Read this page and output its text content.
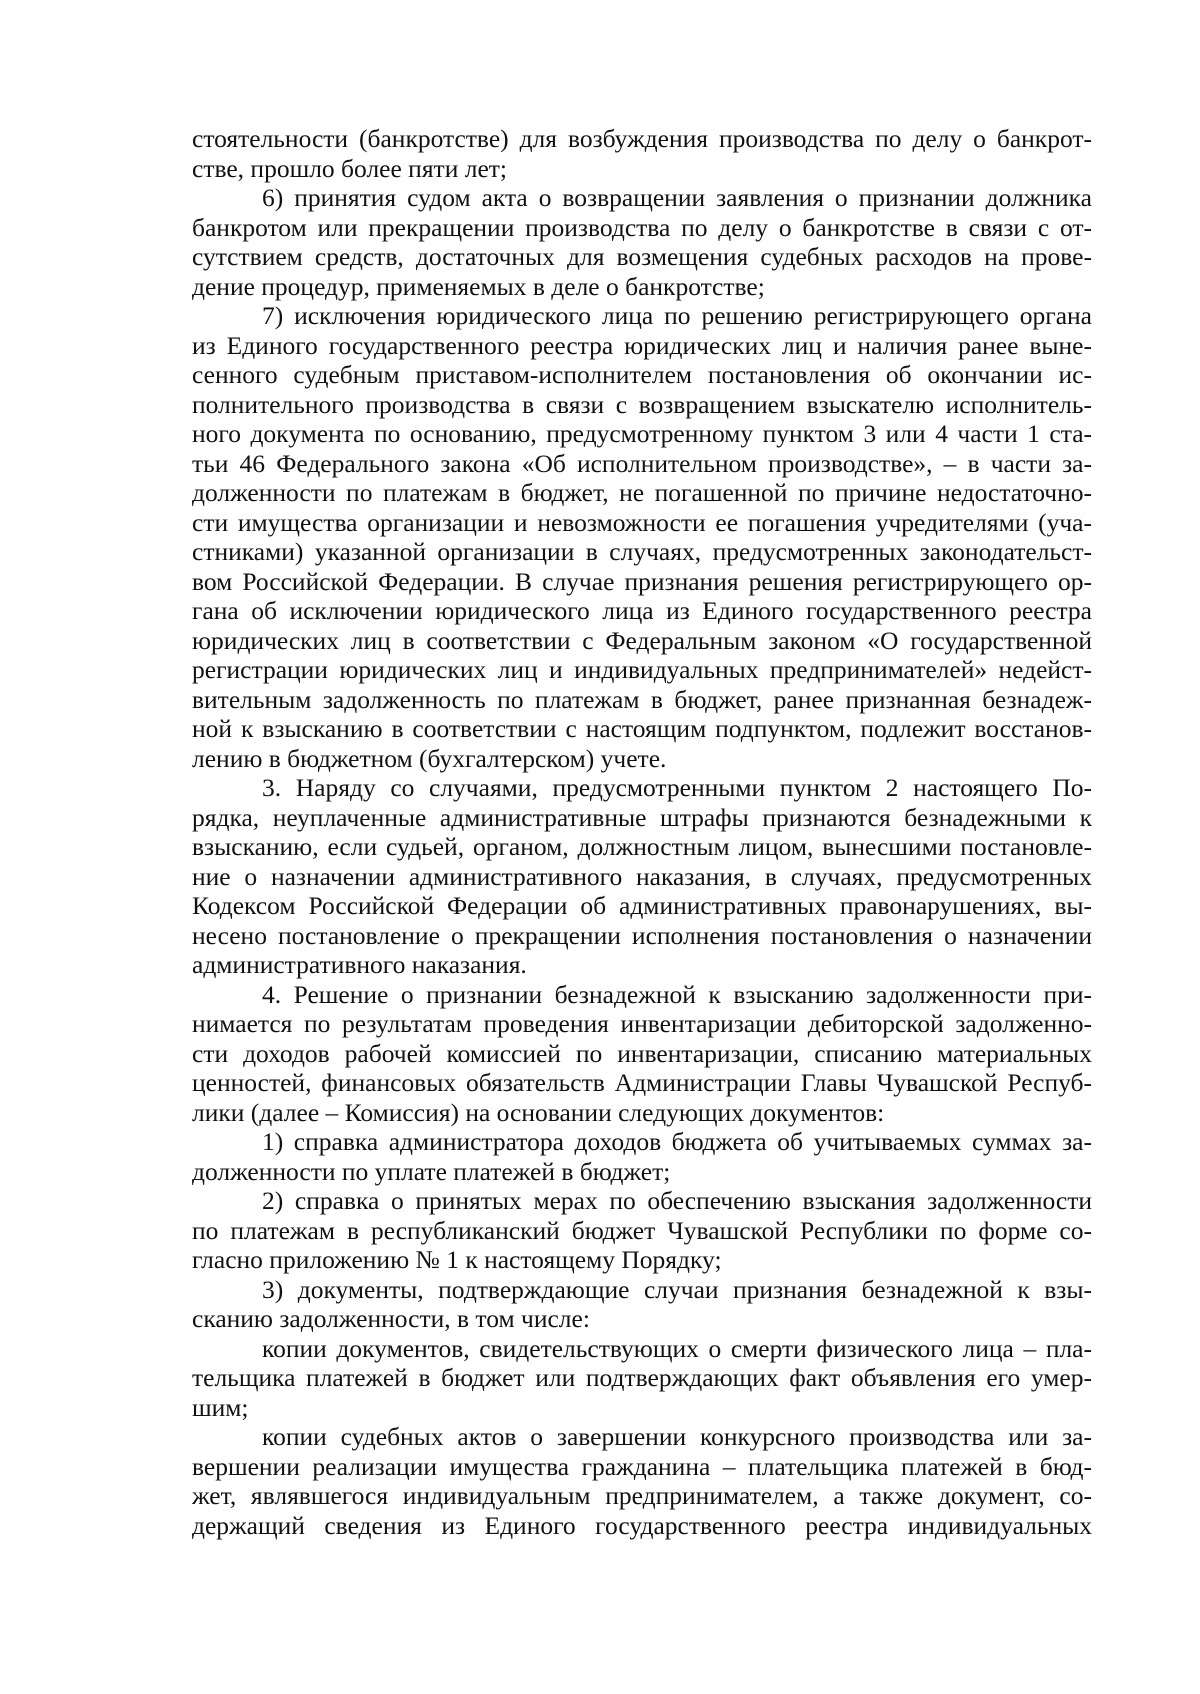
стоятельности (банкротстве) для возбуждения производства по делу о банкрот-
стве, прошло более пяти лет;
6) принятия судом акта о возвращении заявления о признании должника
банкротом или прекращении производства по делу о банкротстве в связи с от-
сутствием средств, достаточных для возмещения судебных расходов на прове-
дение процедур, применяемых в деле о банкротстве;
7) исключения юридического лица по решению регистрирующего органа
из Единого государственного реестра юридических лиц и наличия ранее выне-
сенного судебным приставом-исполнителем постановления об окончании ис-
полнительного производства в связи с возвращением взыскателю исполнитель-
ного документа по основанию, предусмотренному пунктом 3 или 4 части 1 ста-
тьи 46 Федерального закона «Об исполнительном производстве», – в части за-
долженности по платежам в бюджет, не погашенной по причине недостаточно-
сти имущества организации и невозможности ее погашения учредителями (уча-
стниками) указанной организации в случаях, предусмотренных законодательст-
вом Российской Федерации. В случае признания решения регистрирующего ор-
гана об исключении юридического лица из Единого государственного реестра
юридических лиц в соответствии с Федеральным законом «О государственной
регистрации юридических лиц и индивидуальных предпринимателей» недейст-
вительным задолженность по платежам в бюджет, ранее признанная безнадеж-
ной к взысканию в соответствии с настоящим подпунктом, подлежит восстанов-
лению в бюджетном (бухгалтерском) учете.
3. Наряду со случаями, предусмотренными пунктом 2 настоящего По-
рядка, неуплаченные административные штрафы признаются безнадежными к
взысканию, если судьей, органом, должностным лицом, вынесшими постановле-
ние о назначении административного наказания, в случаях, предусмотренных
Кодексом Российской Федерации об административных правонарушениях, вы-
несено постановление о прекращении исполнения постановления о назначении
административного наказания.
4. Решение о признании безнадежной к взысканию задолженности при-
нимается по результатам проведения инвентаризации дебиторской задолженно-
сти доходов рабочей комиссией по инвентаризации, списанию материальных
ценностей, финансовых обязательств Администрации Главы Чувашской Респуб-
лики (далее – Комиссия) на основании следующих документов:
1) справка администратора доходов бюджета об учитываемых суммах за-
долженности по уплате платежей в бюджет;
2) справка о принятых мерах по обеспечению взыскания задолженности
по платежам в республиканский бюджет Чувашской Республики по форме со-
гласно приложению № 1 к настоящему Порядку;
3) документы, подтверждающие случаи признания безнадежной к взы-
сканию задолженности, в том числе:
копии документов, свидетельствующих о смерти физического лица – пла-
тельщика платежей в бюджет или подтверждающих факт объявления его умер-
шим;
копии судебных актов о завершении конкурсного производства или за-
вершении реализации имущества гражданина – плательщика платежей в бюд-
жет, являвшегося индивидуальным предпринимателем, а также документ, со-
держащий сведения из Единого государственного реестра индивидуальных
